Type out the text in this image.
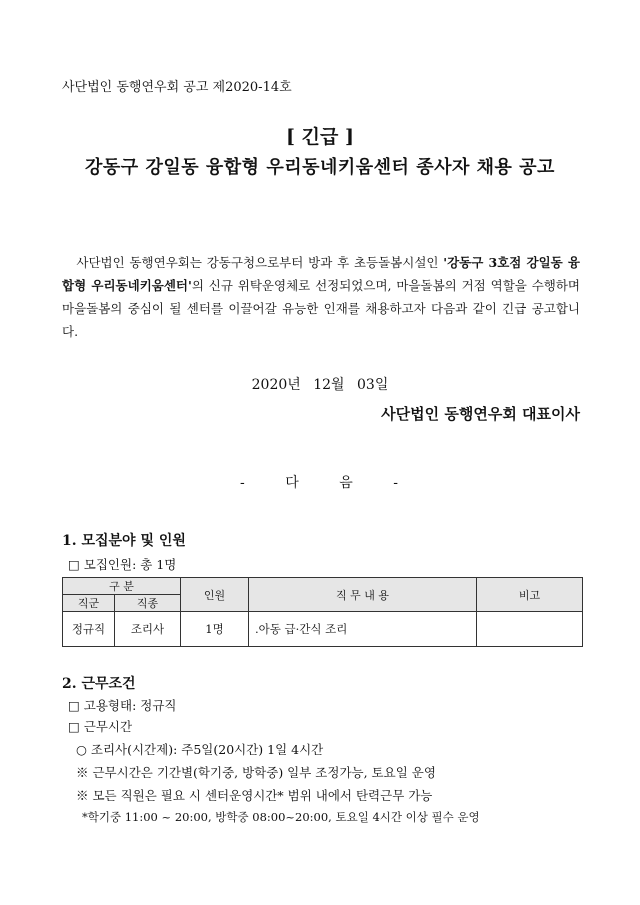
사단법인 동행연우회 공고 제2020-14호
[ 긴급 ]
강동구 강일동 융합형 우리동네키움센터 종사자 채용 공고
사단법인 동행연우회는 강동구청으로부터 방과 후 초등돌봄시설인 '강동구 3호점 강일동 융합형 우리동네키움센터'의 신규 위탁운영체로 선정되었으며, 마을돌봄의 거점 역할을 수행하며 마을돌봄의 중심이 될 센터를 이끌어갈 유능한 인재를 채용하고자 다음과 같이 긴급 공고합니다.
2020년 12월 03일
사단법인 동행연우회 대표이사
-	다	음	-
1. 모집분야 및 인원
□ 모집인원: 총 1명
구 분		인원	직 무 내 용	비고
직군	직종			
정규직	조리사	1명	.아동 급·간식 조리	
2. 근무조건
□ 고용형태: 정규직
□ 근무시간
○ 조리사(시간제): 주5일(20시간) 1일 4시간
※ 근무시간은 기간별(학기중, 방학중) 일부 조정가능, 토요일 운영
※ 모든 직원은 필요 시 센터운영시간* 범위 내에서 탄력근무 가능
*학기중 11:00 ~ 20:00, 방학중 08:00~20:00, 토요일 4시간 이상 필수 운영
